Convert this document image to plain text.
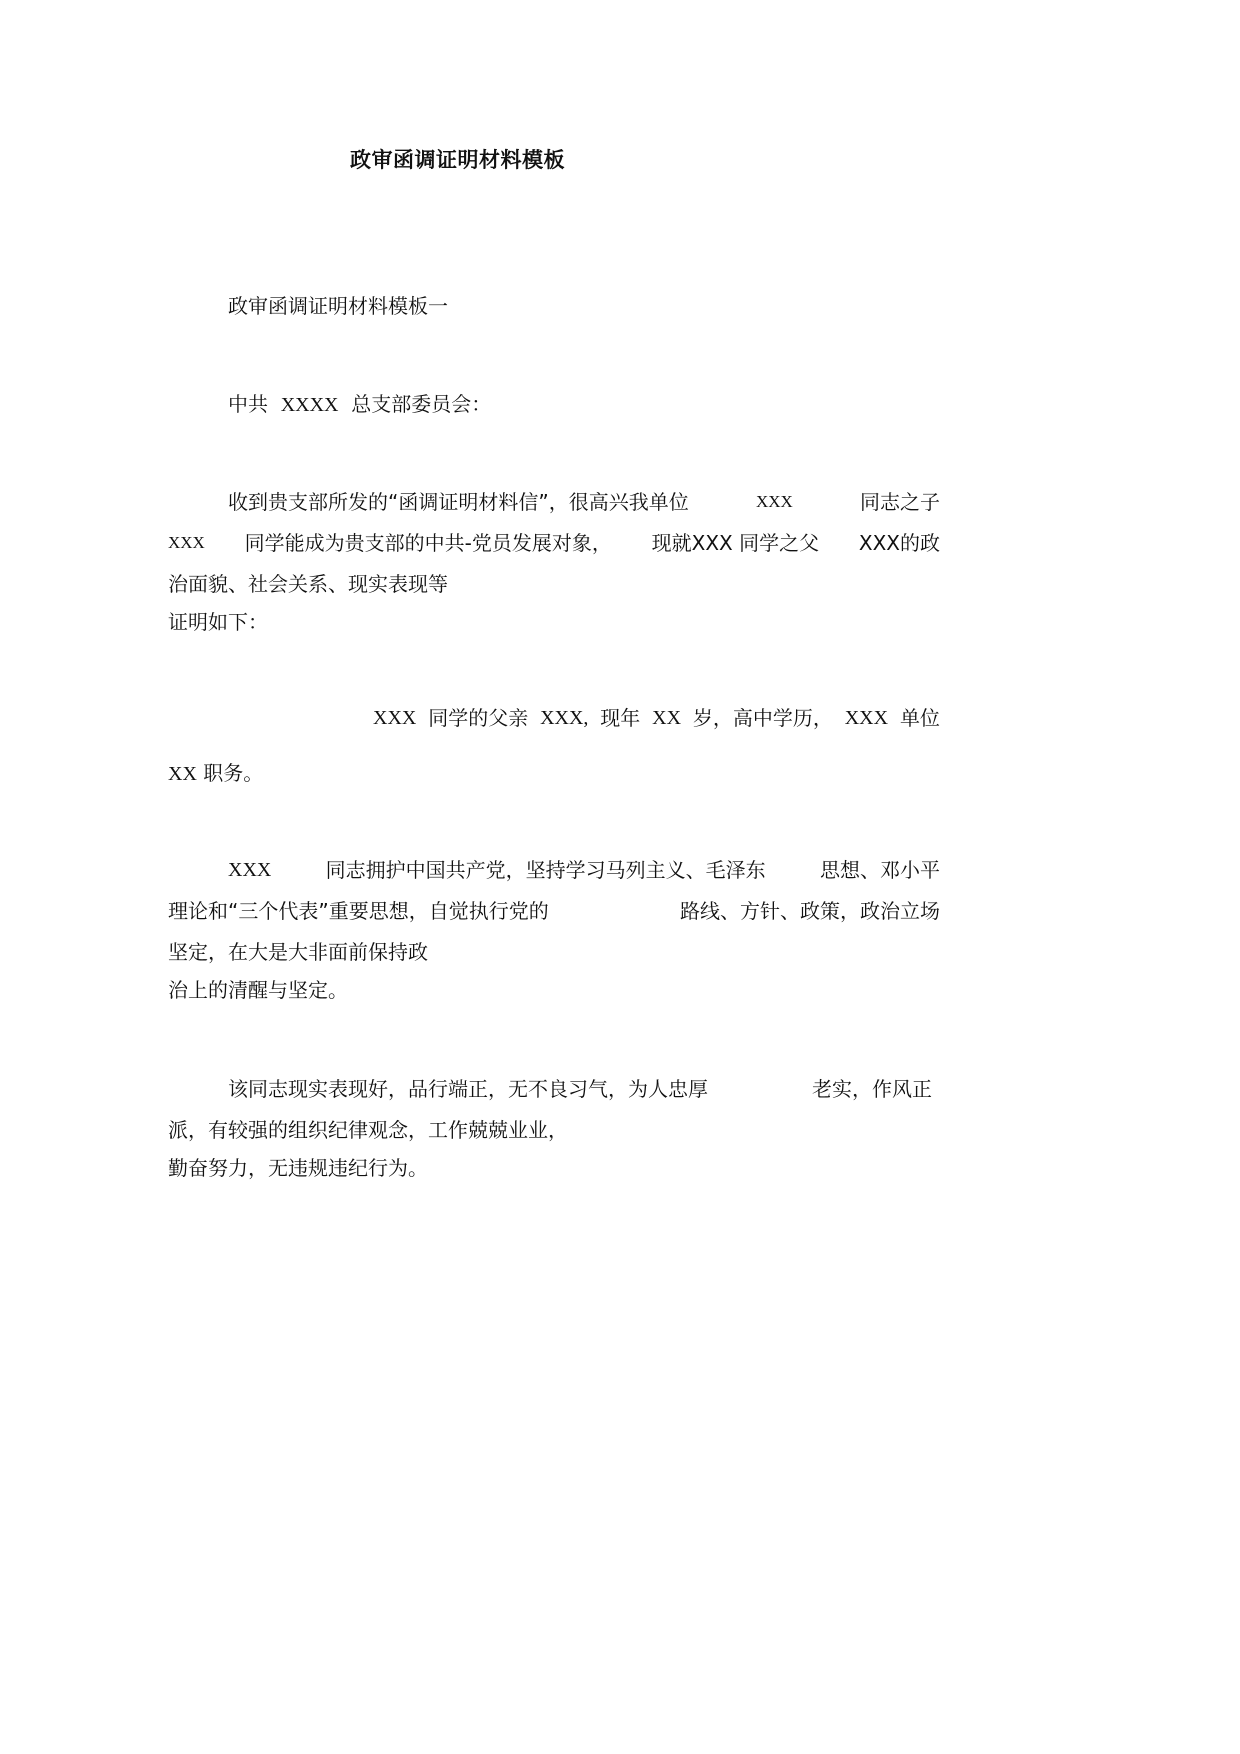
政审函调证明材料模板
政审函调证明材料模板一
中共 XXXX 总支部委员会：
收到贵支部所发的“函调证明材料信”，很高兴我单位	XXX	同志之子
XXX 同学能成为贵支部的中共-党员发展对象， 现就XXX 同学之父 XXX的政
治面貌、社会关系、现实表现等
证明如下：
XXX 同学的父亲 XXX, 现年 XX 岁，高中学历， XXX 单位
XX 职务。
XXX	同志拥护中国共产党，坚持学习马列主义、毛泽东	思想、邓小平
理论和“三个代表”重要思想，自觉执行党的	路线、方针、政策，政治立场
坚定，在大是大非面前保持政
治上的清醒与坚定。
该同志现实表现好，品行端正，无不良习气，为人忠厚	老实，作风正
派，有较强的组织纪律观念，工作兢兢业业，
勤奋努力，无违规违纪行为。
